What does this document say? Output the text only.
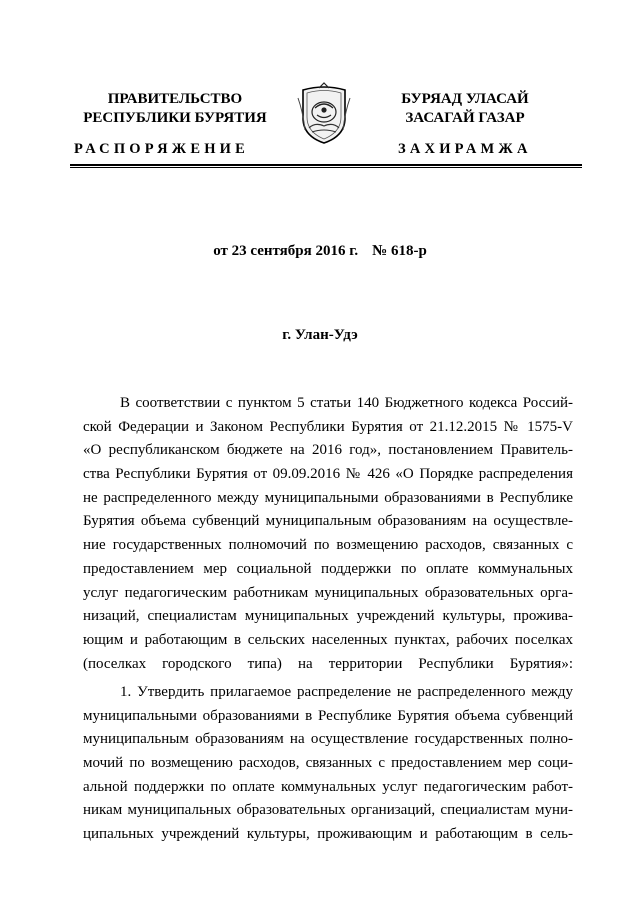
ПРАВИТЕЛЬСТВО
РЕСПУБЛИКИ БУРЯТИЯ
БУРЯАД УЛАСАЙ
ЗАСАГАЙ ГАЗАР
РАСПОРЯЖЕНИЕ	ЗАХИРАМЖА
от 23 сентября 2016 г. № 618-р
г. Улан-Удэ
В соответствии с пунктом 5 статьи 140 Бюджетного кодекса Россий-
ской Федерации и Законом Республики Бурятия от 21.12.2015 № 1575-V
«О республиканском бюджете на 2016 год», постановлением Правитель-
ства Республики Бурятия от 09.09.2016 № 426 «О Порядке распределения
не распределенного между муниципальными образованиями в Республике
Бурятия объема субвенций муниципальным образованиям на осуществле-
ние государственных полномочий по возмещению расходов, связанных с
предоставлением мер социальной поддержки по оплате коммунальных
услуг педагогическим работникам муниципальных образовательных орга-
низаций, специалистам муниципальных учреждений культуры, прожива-
ющим и работающим в сельских населенных пунктах, рабочих поселках
(поселках городского типа) на территории Республики Бурятия»:
1. Утвердить прилагаемое распределение не распределенного между
муниципальными образованиями в Республике Бурятия объема субвенций
муниципальным образованиям на осуществление государственных полно-
мочий по возмещению расходов, связанных с предоставлением мер соци-
альной поддержки по оплате коммунальных услуг педагогическим работ-
никам муниципальных образовательных организаций, специалистам муни-
ципальных учреждений культуры, проживающим и работающим в сель-
